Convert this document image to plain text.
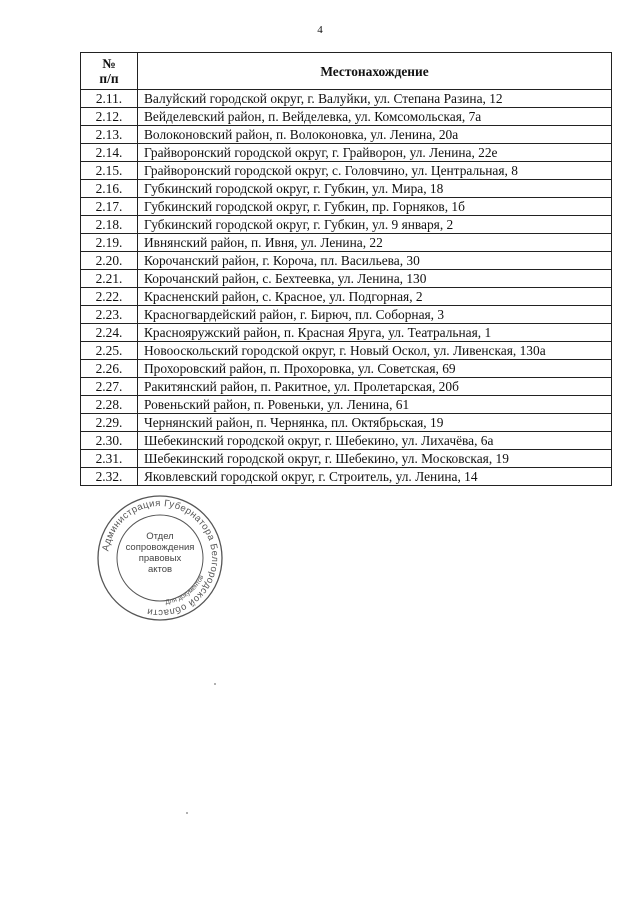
4
№
п/п	Местонахождение
2.11.	Валуйский городской округ, г. Валуйки, ул. Степана Разина, 12
2.12.	Вейделевский район, п. Вейделевка, ул. Комсомольская, 7а
2.13.	Волоконовский район, п. Волоконовка, ул. Ленина, 20а
2.14.	Грайворонский городской округ, г. Грайворон, ул. Ленина, 22е
2.15.	Грайворонский городской округ, с. Головчино, ул. Центральная, 8
2.16.	Губкинский городской округ, г. Губкин, ул. Мира, 18
2.17.	Губкинский городской округ, г. Губкин, пр. Горняков, 1б
2.18.	Губкинский городской округ, г. Губкин, ул. 9 января, 2
2.19.	Ивнянский район, п. Ивня, ул. Ленина, 22
2.20.	Корочанский район, г. Короча, пл. Васильева, 30
2.21.	Корочанский район, с. Бехтеевка, ул. Ленина, 130
2.22.	Красненский район, с. Красное, ул. Подгорная, 2
2.23.	Красногвардейский район, г. Бирюч, пл. Соборная, 3
2.24.	Краснояружский район, п. Красная Яруга, ул. Театральная, 1
2.25.	Новооскольский городской округ, г. Новый Оскол, ул. Ливенская, 130а
2.26.	Прохоровский район, п. Прохоровка, ул. Советская, 69
2.27.	Ракитянский район, п. Ракитное, ул. Пролетарская, 20б
2.28.	Ровеньский район, п. Ровеньки, ул. Ленина, 61
2.29.	Чернянский район, п. Чернянка, пл. Октябрьская, 19
2.30.	Шебекинский городской округ, г. Шебекино, ул. Лихачёва, 6а
2.31.	Шебекинский городской округ, г. Шебекино, ул. Московская, 19
2.32.	Яковлевский городской округ, г. Строитель, ул. Ленина, 14
Администрация Губернатора Белгородской области
Для документов
Отдел
сопровождения
правовых
актов
